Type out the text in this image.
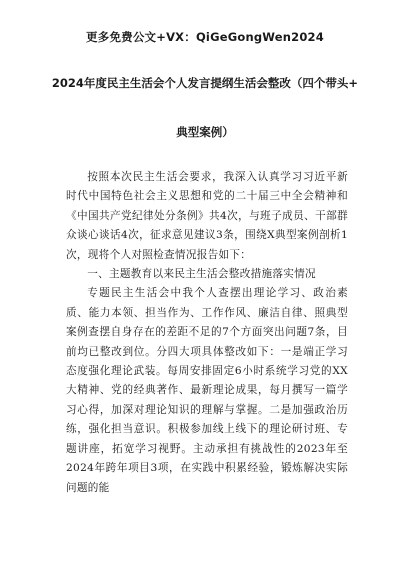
更多免费公文+VX：QiGeGongWen2024
2024年度民主生活会个人发言提纲生活会整改（四个带头+
典型案例）

按照本次民主生活会要求，我深入认真学习习近平新时代中国特色社会主义思想和党的二十届三中全会精神和《中国共产党纪律处分条例》共4次，与班子成员、干部群众谈心谈话4次，征求意见建议3条，围绕X典型案例剖析1次，现将个人对照检查情况报告如下：

一、主题教育以来民主生活会整改措施落实情况

专题民主生活会中我个人查摆出理论学习、政治素质、能力本领、担当作为、工作作风、廉洁自律、照典型案例查摆自身存在的差距不足的7个方面突出问题7条，目前均已整改到位。分四大项具体整改如下：一是端正学习态度强化理论武装。每周安排固定6小时系统学习党的XX大精神、党的经典著作、最新理论成果，每月撰写一篇学习心得，加深对理论知识的理解与掌握。二是加强政治历练，强化担当意识。积极参加线上线下的理论研讨班、专题讲座，拓宽学习视野。主动承担有挑战性的2023年至2024年跨年项目3项，在实践中积累经验，锻炼解决实际问题的能
